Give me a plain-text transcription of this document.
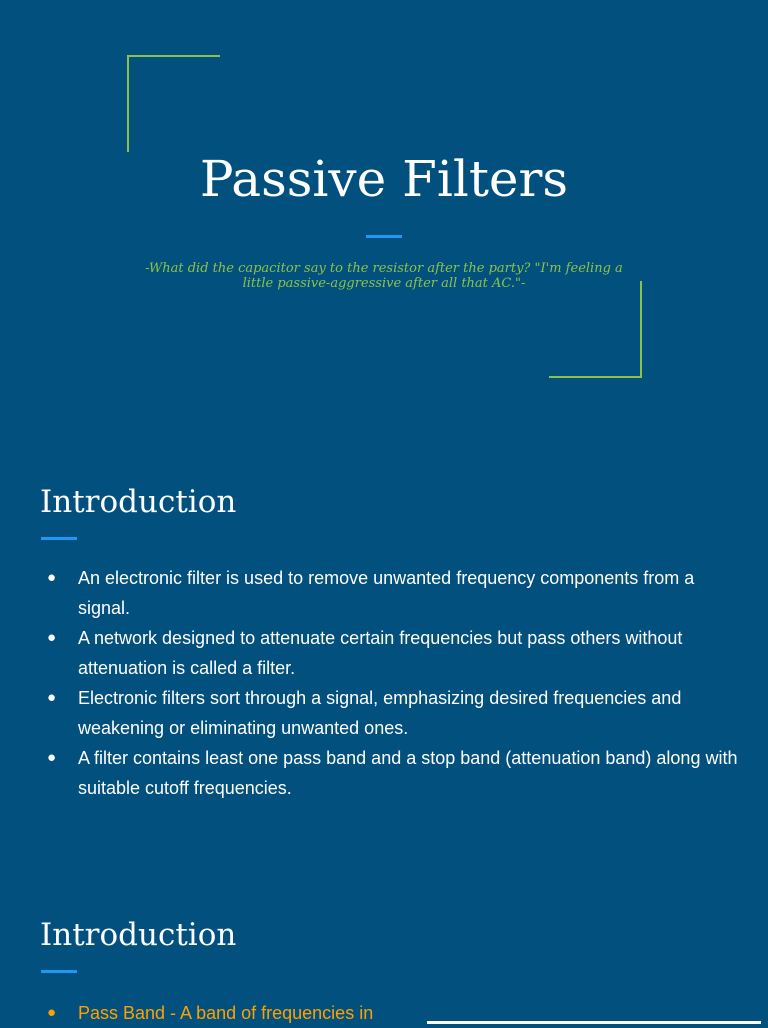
Passive Filters

-What did the capacitor say to the resistor after the party? "I'm feeling a little passive-aggressive after all that AC."-

Introduction
● An electronic filter is used to remove unwanted frequency components from a signal.
● A network designed to attenuate certain frequencies but pass others without attenuation is called a filter.
● Electronic filters sort through a signal, emphasizing desired frequencies and weakening or eliminating unwanted ones.
● A filter contains least one pass band and a stop band (attenuation band) along with suitable cutoff frequencies.
Introduction
● Pass Band - A band of frequencies in
